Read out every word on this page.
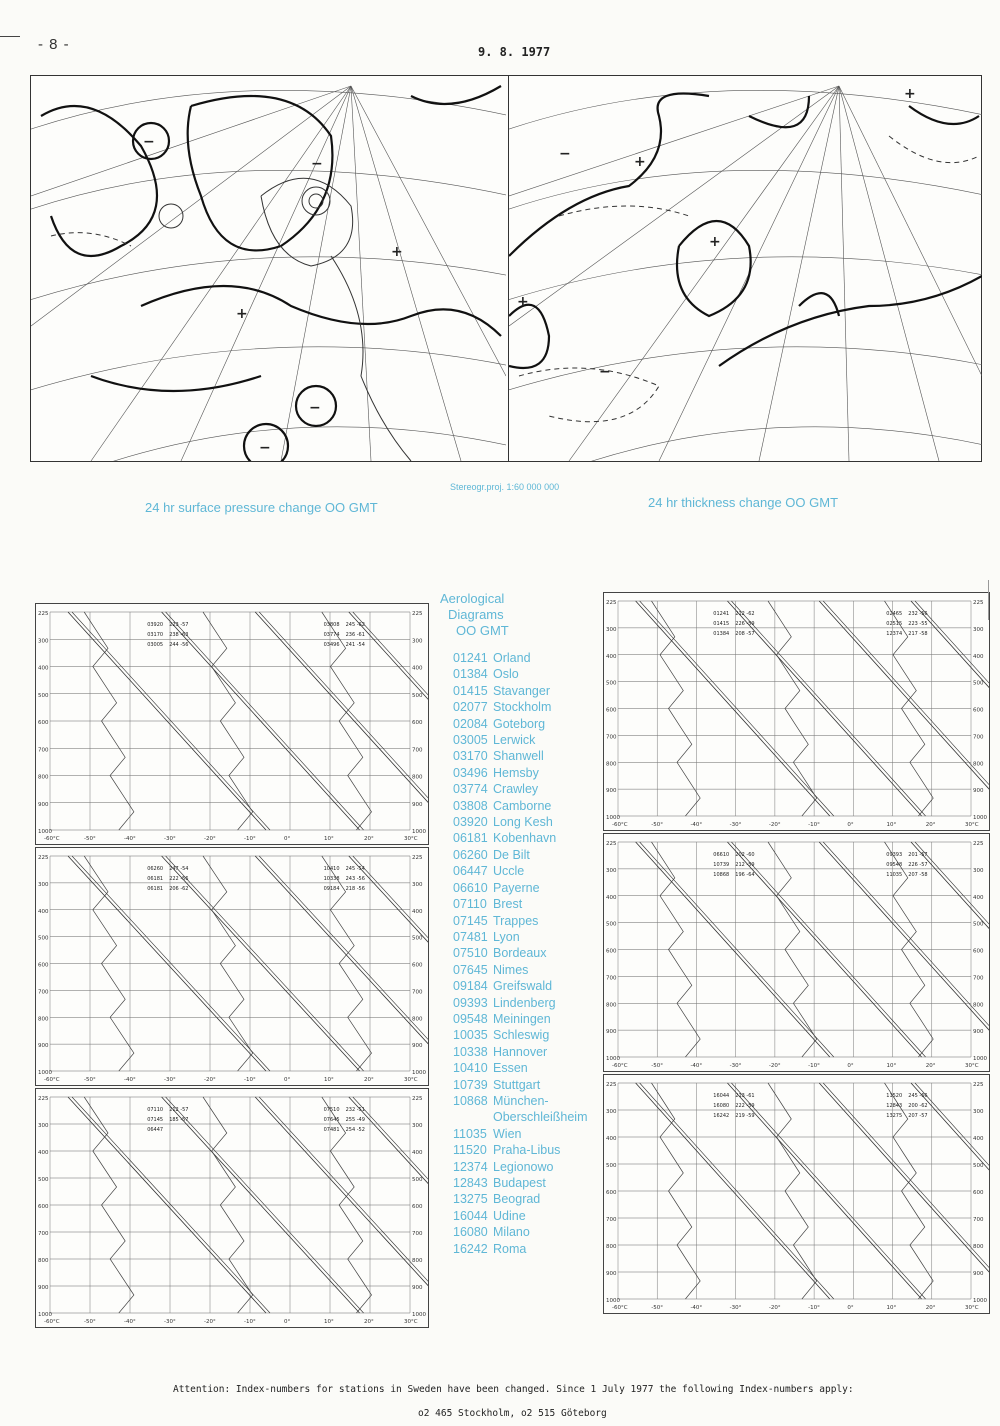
- 8 -	9. 8. 1977
−
−
−
−
+
+
+
+
+
+
−
−
24 hr surface pressure change OO GMT
Stereogr.proj. 1:60 000 000
24 hr thickness change OO GMT
225	225
300	300
400	400
500	500
600	600
700	700
800	800
900	900
1000	1000
-60°C	-50°	-40°	-30°	-20°	-10°	0°	10°	20°	30°C
03920 223 -57
03170 238 -63
03005 244 -56
03808 245 -62
03774 236 -61
03496 241 -54
225	225
300	300
400	400
500	500
600	600
700	700
800	800
900	900
1000	1000
-60°C	-50°	-40°	-30°	-20°	-10°	0°	10°	20°	30°C
06260 247 -54
06181 222 -56
06181 206 -62
10410 245 -54
10338 243 -56
09184 218 -56
225	225
300	300
400	400
500	500
600	600
700	700
800	800
900	900
1000	1000
-60°C	-50°	-40°	-30°	-20°	-10°	0°	10°	20°	30°C
07110 212 -57
07145 185 -57
06447
07510 232 -51
07645 255 -49
07481 254 -52
225	225
300	300
400	400
500	500
600	600
700	700
800	800
900	900
1000	1000
-60°C	-50°	-40°	-30°	-20°	-10°	0°	10°	20°	30°C
01241 212 -62
01415 226 -59
01384 208 -57
02465 232 -56
02515 223 -55
12374 217 -58
225	225
300	300
400	400
500	500
600	600
700	700
800	800
900	900
1000	1000
-60°C	-50°	-40°	-30°	-20°	-10°	0°	10°	20°	30°C
06610 202 -60
10739 212 -59
10868 196 -64
09393 201 -57
09548 226 -57
11035 207 -58
225	225
300	300
400	400
500	500
600	600
700	700
800	800
900	900
1000	1000
-60°C	-50°	-40°	-30°	-20°	-10°	0°	10°	20°	30°C
16044 213 -61
16080 222 -59
16242 219 -59
11520 245 -66
12843 200 -62
13275 207 -57
Aerological
Diagrams
OO GMT
01241 Orland
01384 Oslo
01415 Stavanger
02077 Stockholm
02084 Goteborg
03005 Lerwick
03170 Shanwell
03496 Hemsby
03774 Crawley
03808 Camborne
03920 Long Kesh
06181 Kobenhavn
06260 De Bilt
06447 Uccle
06610 Payerne
07110 Brest
07145 Trappes
07481 Lyon
07510 Bordeaux
07645 Nimes
09184 Greifswald
09393 Lindenberg
09548 Meiningen
10035 Schleswig
10338 Hannover
10410 Essen
10739 Stuttgart
10868 München-
Oberschleißheim
11035 Wien
11520 Praha-Libus
12374 Legionowo
12843 Budapest
13275 Beograd
16044 Udine
16080 Milano
16242 Roma
Attention: Index-numbers for stations in Sweden have been changed. Since 1 July 1977 the following Index-numbers apply:
o2 465 Stockholm, o2 515 Göteborg
